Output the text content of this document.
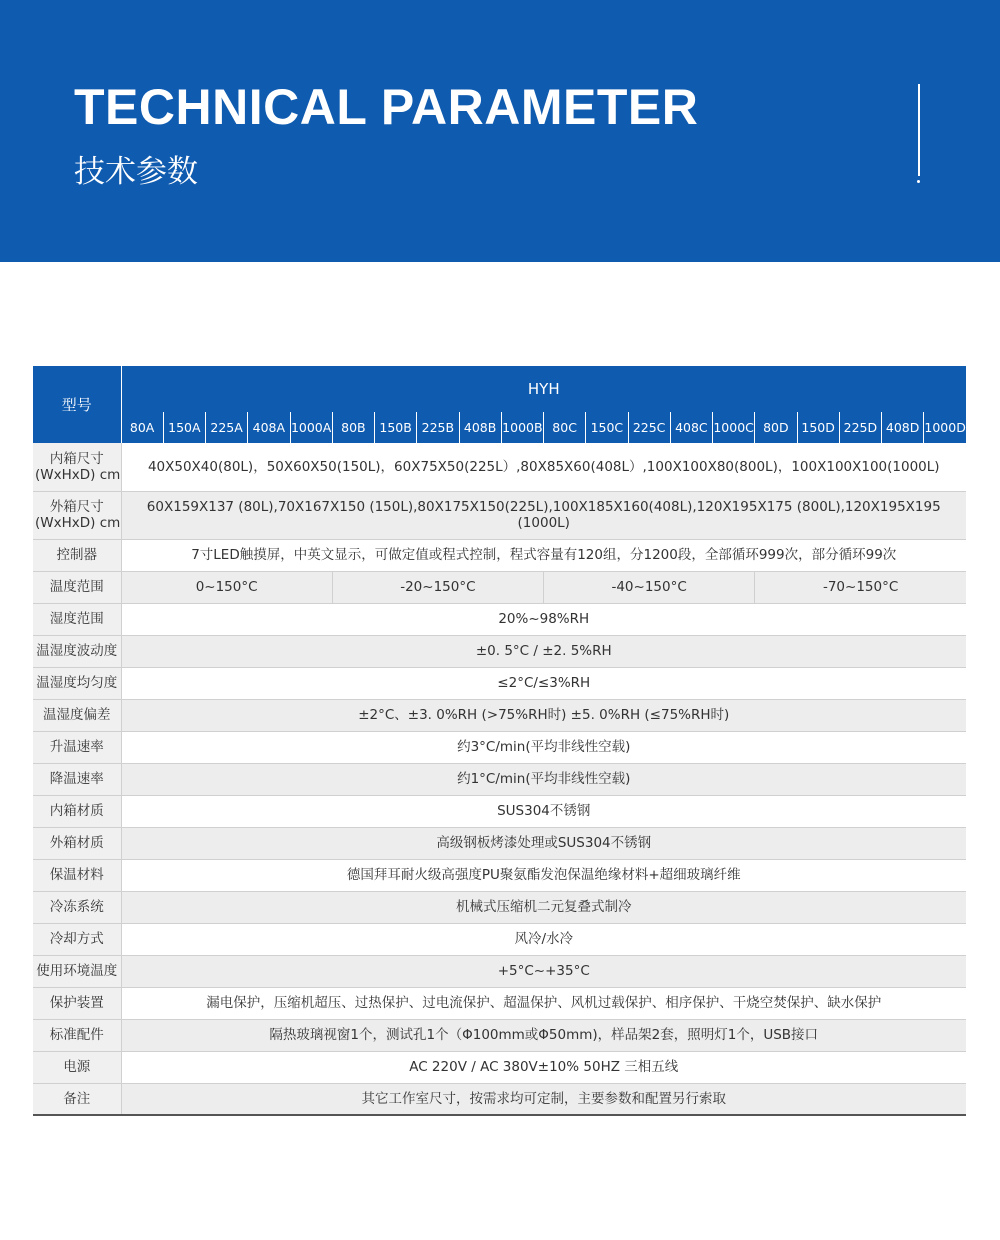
TECHNICAL PARAMETER
技术参数
型号	HYH																			
	80A	150A	225A	408A	1000A	80B	150B	225B	408B	1000B	80C	150C	225C	408C	1000C	80D	150D	225D	408D	1000D

内箱尺寸
(WxHxD) cm	40X50X40(80L)，50X60X50(150L)，60X75X50(225L）,80X85X60(408L）,100X100X80(800L)，100X100X100(1000L)																			

外箱尺寸
(WxHxD) cm	60X159X137 (80L),70X167X150 (150L),80X175X150(225L),100X185X160(408L),120X195X175 (800L),120X195X195 (1000L)																			
控制器	7寸LED触摸屏，中英文显示，可做定值或程式控制，程式容量有120组，分1200段，全部循环999次，部分循环99次																			
温度范围	0~150°C					-20~150°C					-40~150°C					-70~150°C				
湿度范围	20%~98%RH																			
温湿度波动度	±0. 5°C / ±2. 5%RH																			
温湿度均匀度	≤2°C/≤3%RH																			
温湿度偏差	±2°C、±3. 0%RH (>75%RH时) ±5. 0%RH (≤75%RH时)																			
升温速率	约3°C/min(平均非线性空载)																			
降温速率	约1°C/min(平均非线性空载)																			
内箱材质	SUS304不锈钢																			
外箱材质	高级钢板烤漆处理或SUS304不锈钢																			
保温材料	德国拜耳耐火级高强度PU聚氨酯发泡保温绝缘材料+超细玻璃纤维																			
冷冻系统	机械式压缩机二元复叠式制冷																			
冷却方式	风冷/水冷																			
使用环境温度	+5°C~+35°C																			
保护装置	漏电保护，压缩机超压、过热保护、过电流保护、超温保护、风机过载保护、相序保护、干烧空焚保护、缺水保护																			
标准配件	隔热玻璃视窗1个，测试孔1个（Φ100mm或Φ50mm)，样品架2套，照明灯1个，USB接口																			
电源	AC 220V / AC 380V±10% 50HZ 三相五线																			
备注	其它工作室尺寸，按需求均可定制，主要参数和配置另行索取																			
